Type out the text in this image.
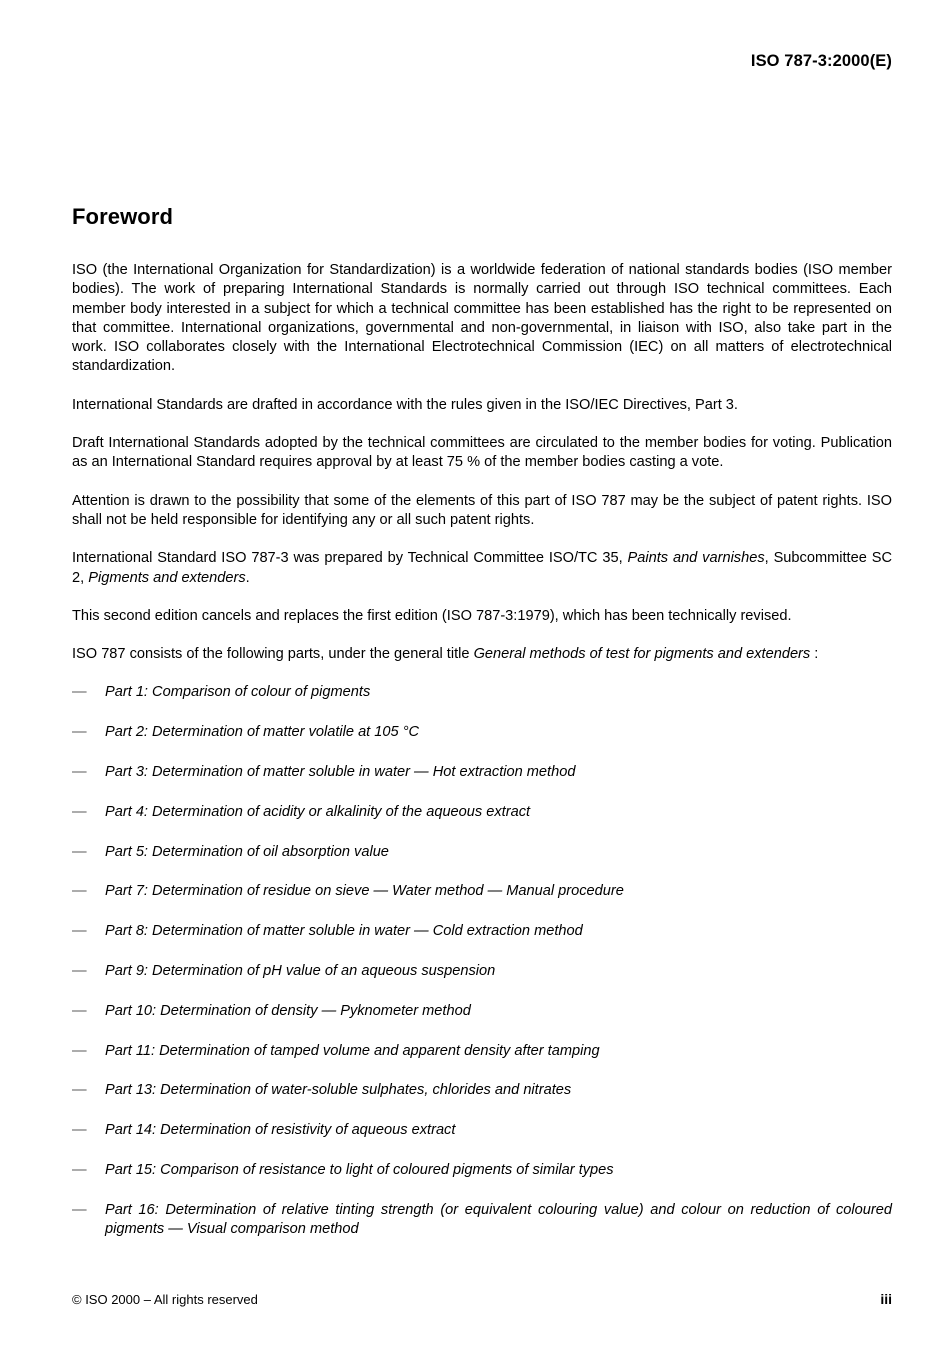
ISO 787-3:2000(E)
Foreword

ISO (the International Organization for Standardization) is a worldwide federation of national standards bodies (ISO member bodies). The work of preparing International Standards is normally carried out through ISO technical committees. Each member body interested in a subject for which a technical committee has been established has the right to be represented on that committee. International organizations, governmental and non-governmental, in liaison with ISO, also take part in the work. ISO collaborates closely with the International Electrotechnical Commission (IEC) on all matters of electrotechnical standardization.

International Standards are drafted in accordance with the rules given in the ISO/IEC Directives, Part 3.

Draft International Standards adopted by the technical committees are circulated to the member bodies for voting. Publication as an International Standard requires approval by at least 75 % of the member bodies casting a vote.

Attention is drawn to the possibility that some of the elements of this part of ISO 787 may be the subject of patent rights. ISO shall not be held responsible for identifying any or all such patent rights.

International Standard ISO 787-3 was prepared by Technical Committee ISO/TC 35, Paints and varnishes, Subcommittee SC 2, Pigments and extenders.

This second edition cancels and replaces the first edition (ISO 787-3:1979), which has been technically revised.

ISO 787 consists of the following parts, under the general title General methods of test for pigments and extenders :

— Part 1: Comparison of colour of pigments
— Part 2: Determination of matter volatile at 105 °C
— Part 3: Determination of matter soluble in water — Hot extraction method
— Part 4: Determination of acidity or alkalinity of the aqueous extract
— Part 5: Determination of oil absorption value
— Part 7: Determination of residue on sieve — Water method — Manual procedure
— Part 8: Determination of matter soluble in water — Cold extraction method
— Part 9: Determination of pH value of an aqueous suspension
— Part 10: Determination of density — Pyknometer method
— Part 11: Determination of tamped volume and apparent density after tamping
— Part 13: Determination of water-soluble sulphates, chlorides and nitrates
— Part 14: Determination of resistivity of aqueous extract
— Part 15: Comparison of resistance to light of coloured pigments of similar types
— Part 16: Determination of relative tinting strength (or equivalent colouring value) and colour on reduction of coloured pigments — Visual comparison method
© ISO 2000 – All rights reserved	iii
